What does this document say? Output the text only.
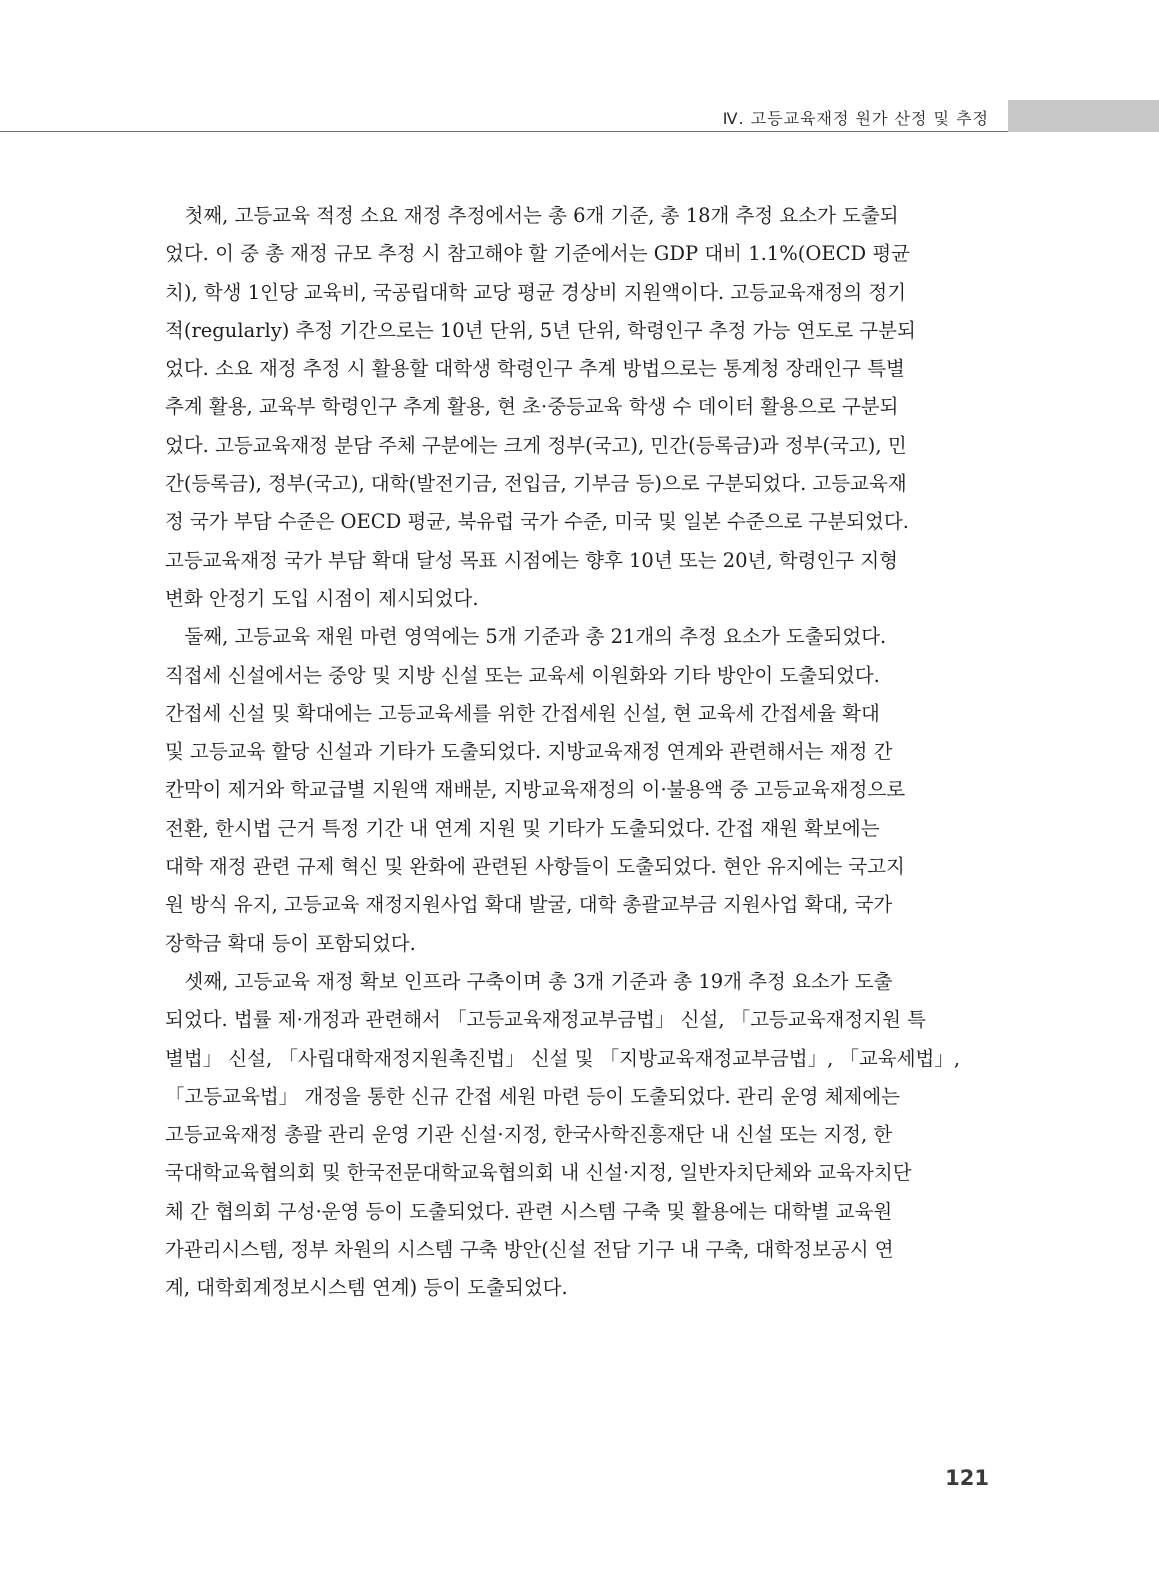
Ⅳ. 고등교육재정 원가 산정 및 추정
　첫째, 고등교육 적정 소요 재정 추정에서는 총 6개 기준, 총 18개 추정 요소가 도출되
었다. 이 중 총 재정 규모 추정 시 참고해야 할 기준에서는 GDP 대비 1.1%(OECD 평균
치), 학생 1인당 교육비, 국공립대학 교당 평균 경상비 지원액이다. 고등교육재정의 정기
적(regularly) 추정 기간으로는 10년 단위, 5년 단위, 학령인구 추정 가능 연도로 구분되
었다. 소요 재정 추정 시 활용할 대학생 학령인구 추계 방법으로는 통계청 장래인구 특별
추계 활용, 교육부 학령인구 추계 활용, 현 초·중등교육 학생 수 데이터 활용으로 구분되
었다. 고등교육재정 분담 주체 구분에는 크게 정부(국고), 민간(등록금)과 정부(국고), 민
간(등록금), 정부(국고), 대학(발전기금, 전입금, 기부금 등)으로 구분되었다. 고등교육재
정 국가 부담 수준은 OECD 평균, 북유럽 국가 수준, 미국 및 일본 수준으로 구분되었다.
고등교육재정 국가 부담 확대 달성 목표 시점에는 향후 10년 또는 20년, 학령인구 지형
변화 안정기 도입 시점이 제시되었다.
　둘째, 고등교육 재원 마련 영역에는 5개 기준과 총 21개의 추정 요소가 도출되었다.
직접세 신설에서는 중앙 및 지방 신설 또는 교육세 이원화와 기타 방안이 도출되었다.
간접세 신설 및 확대에는 고등교육세를 위한 간접세원 신설, 현 교육세 간접세율 확대
및 고등교육 할당 신설과 기타가 도출되었다. 지방교육재정 연계와 관련해서는 재정 간
칸막이 제거와 학교급별 지원액 재배분, 지방교육재정의 이·불용액 중 고등교육재정으로
전환, 한시법 근거 특정 기간 내 연계 지원 및 기타가 도출되었다. 간접 재원 확보에는
대학 재정 관련 규제 혁신 및 완화에 관련된 사항들이 도출되었다. 현안 유지에는 국고지
원 방식 유지, 고등교육 재정지원사업 확대 발굴, 대학 총괄교부금 지원사업 확대, 국가
장학금 확대 등이 포함되었다.
　셋째, 고등교육 재정 확보 인프라 구축이며 총 3개 기준과 총 19개 추정 요소가 도출
되었다. 법률 제·개정과 관련해서 「고등교육재정교부금법」 신설, 「고등교육재정지원 특
별법」 신설, 「사립대학재정지원촉진법」 신설 및 「지방교육재정교부금법」, 「교육세법」,
「고등교육법」 개정을 통한 신규 간접 세원 마련 등이 도출되었다. 관리 운영 체제에는
고등교육재정 총괄 관리 운영 기관 신설·지정, 한국사학진흥재단 내 신설 또는 지정, 한
국대학교육협의회 및 한국전문대학교육협의회 내 신설·지정, 일반자치단체와 교육자치단
체 간 협의회 구성·운영 등이 도출되었다. 관련 시스템 구축 및 활용에는 대학별 교육원
가관리시스템, 정부 차원의 시스템 구축 방안(신설 전담 기구 내 구축, 대학정보공시 연
계, 대학회계정보시스템 연계) 등이 도출되었다.
121
